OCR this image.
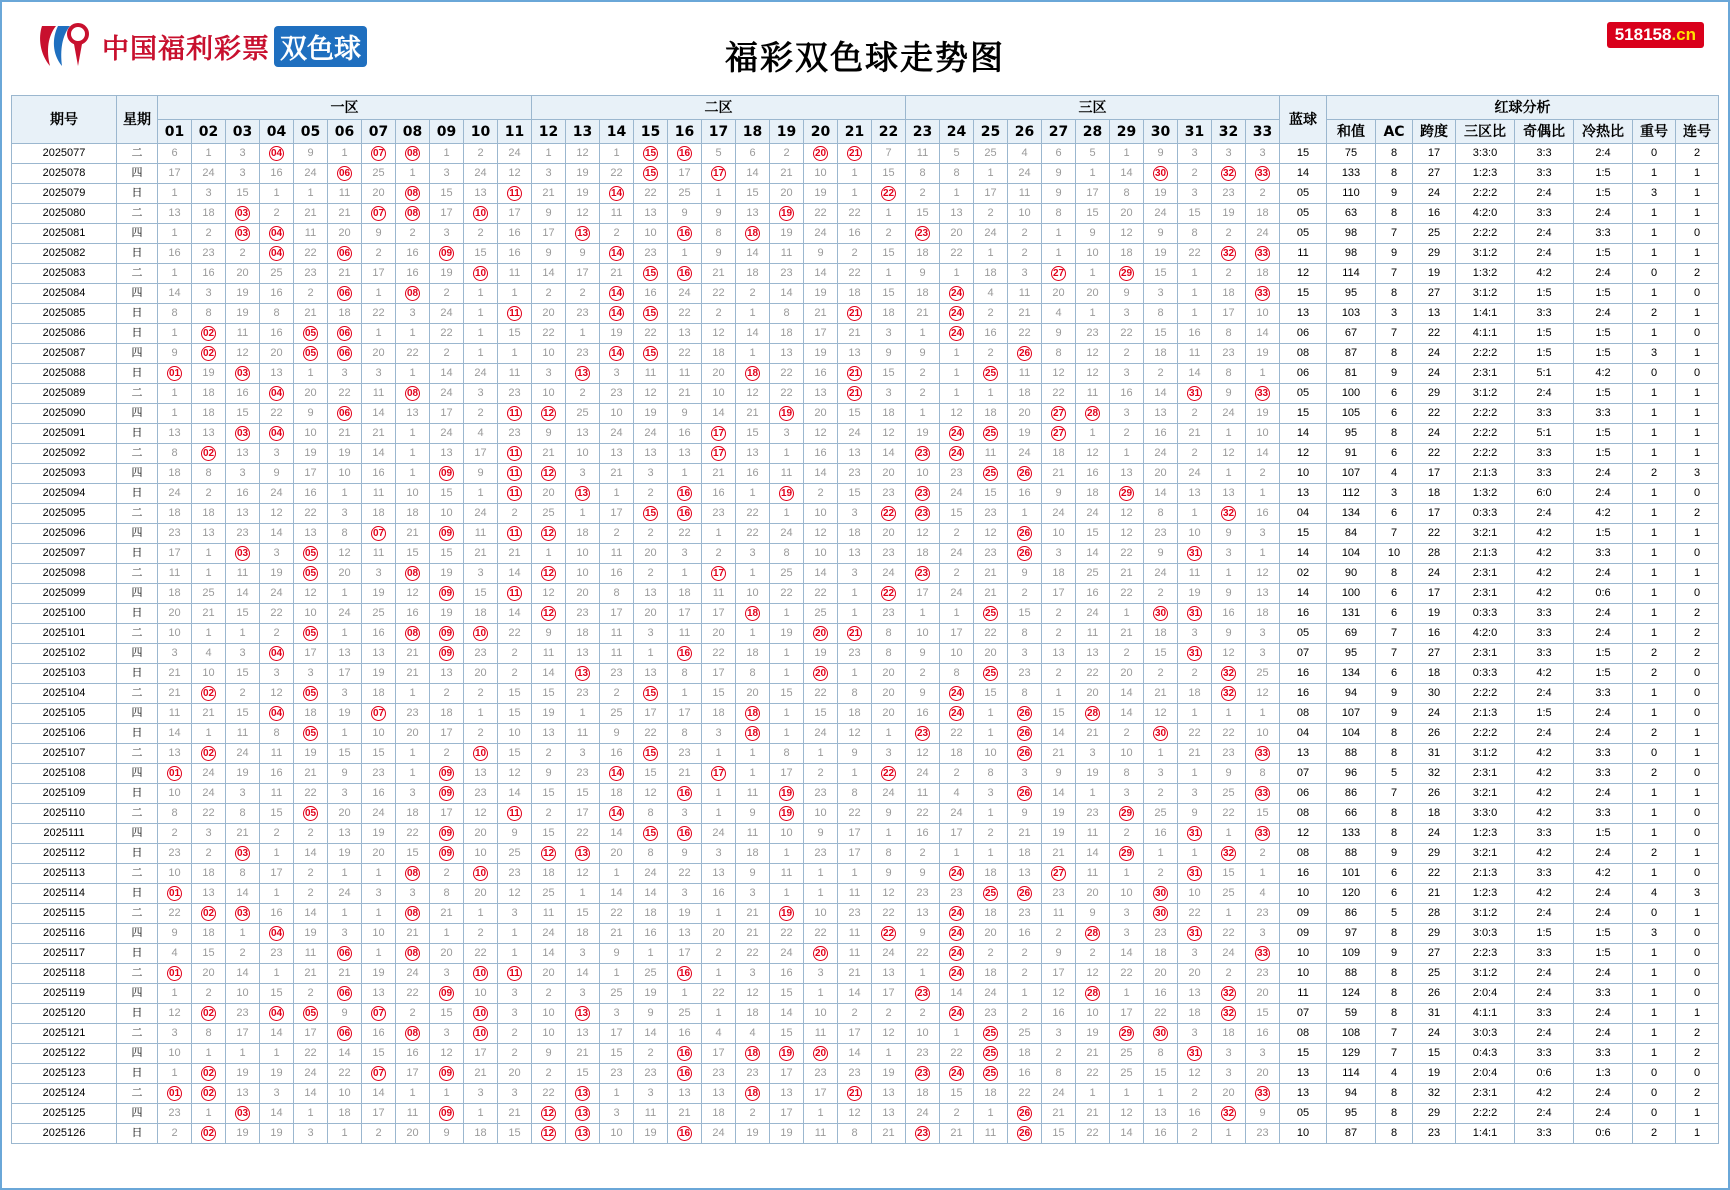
中国福利彩票 双色球	福彩双色球走势图
518158.cn
期号	星期	一区											二区											三区											蓝球	红球分析							
		01	02	03	04	05	06	07	08	09	10	11	12	13	14	15	16	17	18	19	20	21	22	23	24	25	26	27	28	29	30	31	32	33		和值	AC	跨度	三区比	奇偶比	冷热比	重号	连号
2025077	二	6	1	3	04	9	1	07	08	1	2	24	1	12	1	15	16	5	6	2	20	21	7	11	5	25	4	6	5	1	9	3	3	3	15	75	8	17	3:3:0	3:3	2:4	0	2
2025078	四	17	24	3	16	24	06	25	1	3	24	12	3	19	22	15	17	17	14	21	10	1	15	8	8	1	24	9	1	14	30	2	32	33	14	133	8	27	1:2:3	3:3	1:5	1	1
2025079	日	1	3	15	1	1	11	20	08	15	13	11	21	19	14	22	25	1	15	20	19	1	22	2	1	17	11	9	17	8	19	3	23	2	05	110	9	24	2:2:2	2:4	1:5	3	1
2025080	二	13	18	03	2	21	21	07	08	17	10	17	9	12	11	13	9	9	13	19	22	22	1	15	13	2	10	8	15	20	24	15	19	18	05	63	8	16	4:2:0	3:3	2:4	1	1
2025081	四	1	2	03	04	11	20	9	2	3	2	16	17	13	2	10	16	8	18	19	24	16	2	23	20	24	2	1	9	12	9	8	2	24	05	98	7	25	2:2:2	2:4	3:3	1	0
2025082	日	16	23	2	04	22	06	2	16	09	15	16	9	9	14	23	1	9	14	11	9	2	15	18	22	1	2	1	10	18	19	22	32	33	11	98	9	29	3:1:2	2:4	1:5	1	1
2025083	二	1	16	20	25	23	21	17	16	19	10	11	14	17	21	15	16	21	18	23	14	22	1	9	1	18	3	27	1	29	15	1	2	18	12	114	7	19	1:3:2	4:2	2:4	0	2
2025084	四	14	3	19	16	2	06	1	08	2	1	1	2	2	14	16	24	22	2	14	19	18	15	18	24	4	11	20	20	9	3	1	18	33	15	95	8	27	3:1:2	1:5	1:5	1	0
2025085	日	8	8	19	8	21	18	22	3	24	1	11	20	23	14	15	22	2	1	8	21	21	18	21	24	2	21	4	1	3	8	1	17	10	13	103	3	13	1:4:1	3:3	2:4	2	1
2025086	日	1	02	11	16	05	06	1	1	22	1	15	22	1	19	22	13	12	14	18	17	21	3	1	24	16	22	9	23	22	15	16	8	14	06	67	7	22	4:1:1	1:5	1:5	1	0
2025087	四	9	02	12	20	05	06	20	22	2	1	1	10	23	14	15	22	18	1	13	19	13	9	9	1	2	26	8	12	2	18	11	23	19	08	87	8	24	2:2:2	1:5	1:5	3	1
2025088	日	01	19	03	13	1	3	3	1	14	24	11	3	13	3	11	11	20	18	22	16	21	15	2	1	25	11	12	12	3	2	14	8	1	06	81	9	24	2:3:1	5:1	4:2	0	0
2025089	二	1	18	16	04	20	22	11	08	24	3	23	10	2	23	12	21	10	12	22	13	21	3	2	1	1	18	22	11	16	14	31	9	33	05	100	6	29	3:1:2	2:4	1:5	1	1
2025090	四	1	18	15	22	9	06	14	13	17	2	11	12	25	10	19	9	14	21	19	20	15	18	1	12	18	20	27	28	3	13	2	24	19	15	105	6	22	2:2:2	3:3	3:3	1	1
2025091	日	13	13	03	04	10	21	21	1	24	4	23	9	13	24	24	16	17	15	3	12	24	12	19	24	25	19	27	1	2	16	21	1	10	14	95	8	24	2:2:2	5:1	1:5	1	1
2025092	二	8	02	13	3	19	19	14	1	13	17	11	21	10	13	13	13	17	13	1	16	13	14	23	24	11	24	18	12	1	24	2	12	14	12	91	6	22	2:2:2	3:3	1:5	1	1
2025093	四	18	8	3	9	17	10	16	1	09	9	11	12	3	21	3	1	21	16	11	14	23	20	10	23	25	26	21	16	13	20	24	1	2	10	107	4	17	2:1:3	3:3	2:4	2	3
2025094	日	24	2	16	24	16	1	11	10	15	1	11	20	13	1	2	16	16	1	19	2	15	23	23	24	15	16	9	18	29	14	13	13	1	13	112	3	18	1:3:2	6:0	2:4	1	0
2025095	二	18	18	13	12	22	3	18	18	10	24	2	25	1	17	15	16	23	22	1	10	3	22	23	15	23	1	24	24	12	8	1	32	16	04	134	6	17	0:3:3	2:4	4:2	1	2
2025096	四	23	13	23	14	13	8	07	21	09	11	11	12	18	2	2	22	1	22	24	12	18	20	12	2	12	26	10	15	12	23	10	9	3	15	84	7	22	3:2:1	4:2	1:5	1	1
2025097	日	17	1	03	3	05	12	11	15	15	21	21	1	10	11	20	3	2	3	8	10	13	23	18	24	23	26	3	14	22	9	31	3	1	14	104	10	28	2:1:3	4:2	3:3	1	0
2025098	二	11	1	11	19	05	20	3	08	19	3	14	12	10	16	2	1	17	1	25	14	3	24	23	2	21	9	18	25	21	24	11	1	12	02	90	8	24	2:3:1	4:2	2:4	1	1
2025099	四	18	25	14	24	12	1	19	12	09	15	11	12	20	8	13	18	11	10	22	22	1	22	17	24	21	2	17	16	22	2	19	9	13	14	100	6	17	2:3:1	4:2	0:6	1	0
2025100	日	20	21	15	22	10	24	25	16	19	18	14	12	23	17	20	17	17	18	1	25	1	23	1	1	25	15	2	24	1	30	31	16	18	16	131	6	19	0:3:3	3:3	2:4	1	2
2025101	二	10	1	1	2	05	1	16	08	09	10	22	9	18	11	3	11	20	1	19	20	21	8	10	17	22	8	2	11	21	18	3	9	3	05	69	7	16	4:2:0	3:3	2:4	1	2
2025102	四	3	4	3	04	17	13	13	21	09	23	2	11	13	11	1	16	22	18	1	19	23	8	9	10	20	3	13	13	2	15	31	12	3	07	95	7	27	2:3:1	3:3	1:5	2	2
2025103	日	21	10	15	3	3	17	19	21	13	20	2	14	13	23	13	8	17	8	1	20	1	20	2	8	25	23	2	22	20	2	2	32	25	16	134	6	18	0:3:3	4:2	1:5	2	0
2025104	二	21	02	2	12	05	3	18	1	2	2	15	15	23	2	15	1	15	20	15	22	8	20	9	24	15	8	1	20	14	21	18	32	12	16	94	9	30	2:2:2	2:4	3:3	1	0
2025105	四	11	21	15	04	18	19	07	23	18	1	15	19	1	25	17	17	18	18	1	15	18	20	16	24	1	26	15	28	14	12	1	1	1	08	107	9	24	2:1:3	1:5	2:4	1	0
2025106	日	14	1	11	8	05	1	10	20	17	2	10	13	11	9	22	8	3	18	1	24	12	1	23	22	1	26	14	21	2	30	22	22	10	04	104	8	26	2:2:2	2:4	2:4	2	1
2025107	二	13	02	24	11	19	15	15	1	2	10	15	2	3	16	15	23	1	1	8	1	9	3	12	18	10	26	21	3	10	1	21	23	33	13	88	8	31	3:1:2	4:2	3:3	0	1
2025108	四	01	24	19	16	21	9	23	1	09	13	12	9	23	14	15	21	17	1	17	2	1	22	24	2	8	3	9	19	8	3	1	9	8	07	96	5	32	2:3:1	4:2	3:3	2	0
2025109	日	10	24	3	11	22	3	16	3	09	23	14	15	15	18	12	16	1	11	19	23	8	24	11	4	3	26	14	1	3	2	3	25	33	06	86	7	26	3:2:1	4:2	2:4	1	1
2025110	二	8	22	8	15	05	20	24	18	17	12	11	2	17	14	8	3	1	9	19	10	22	9	22	24	1	9	19	23	29	25	9	22	15	08	66	8	18	3:3:0	4:2	3:3	1	0
2025111	四	2	3	21	2	2	13	19	22	09	20	9	15	22	14	15	16	24	11	10	9	17	1	16	17	2	21	19	11	2	16	31	1	33	12	133	8	24	1:2:3	3:3	1:5	1	0
2025112	日	23	2	03	1	14	19	20	15	09	10	25	12	13	20	8	9	3	18	1	23	17	8	2	1	1	18	21	14	29	1	1	32	2	08	88	9	29	3:2:1	4:2	2:4	2	1
2025113	二	10	18	8	17	2	1	1	08	2	10	23	18	12	1	24	22	13	9	11	1	1	9	9	24	18	13	27	11	1	2	31	15	1	16	101	6	22	2:1:3	3:3	4:2	1	0
2025114	日	01	13	14	1	2	24	3	3	8	20	12	25	1	14	14	3	16	3	1	1	11	12	23	23	25	26	23	20	10	30	10	25	4	10	120	6	21	1:2:3	4:2	2:4	4	3
2025115	二	22	02	03	16	14	1	1	08	21	1	3	11	15	22	18	19	1	21	19	10	23	22	13	24	18	23	11	9	3	30	22	1	23	09	86	5	28	3:1:2	2:4	2:4	0	1
2025116	四	9	18	1	04	19	3	10	21	1	2	1	24	18	21	16	13	20	21	22	22	11	22	9	24	20	16	2	28	3	23	31	22	3	09	97	8	29	3:0:3	1:5	1:5	3	0
2025117	日	4	15	2	23	11	06	1	08	20	22	1	14	3	9	1	17	2	22	24	20	11	24	22	24	2	2	9	2	14	18	3	24	33	10	109	9	27	2:2:3	3:3	1:5	1	0
2025118	二	01	20	14	1	21	21	19	24	3	10	11	20	14	1	25	16	1	3	16	3	21	13	1	24	18	2	17	12	22	20	20	2	23	10	88	8	25	3:1:2	2:4	2:4	1	0
2025119	四	1	2	10	15	2	06	13	22	09	10	3	2	3	25	19	1	22	12	15	1	14	17	23	14	24	1	12	28	1	16	13	32	20	11	124	8	26	2:0:4	2:4	3:3	1	0
2025120	日	12	02	23	04	05	9	07	2	15	10	3	10	13	3	9	25	1	18	14	10	2	2	2	24	23	2	16	10	17	22	18	32	15	07	59	8	31	4:1:1	3:3	2:4	1	1
2025121	二	3	8	17	14	17	06	16	08	3	10	2	10	13	17	14	16	4	4	15	11	17	12	10	1	25	25	3	19	29	30	3	18	16	08	108	7	24	3:0:3	2:4	2:4	1	2
2025122	四	10	1	1	1	22	14	15	16	12	17	2	9	21	15	2	16	17	18	19	20	14	1	23	22	25	18	2	21	25	8	31	3	3	15	129	7	15	0:4:3	3:3	3:3	1	2
2025123	日	1	02	19	19	24	22	07	17	09	21	20	2	15	23	23	16	23	23	17	23	23	19	23	24	25	16	8	22	25	15	12	3	20	13	114	4	19	2:0:4	0:6	1:3	0	0
2025124	二	01	02	13	3	14	10	14	1	1	3	3	22	13	1	3	13	13	18	13	17	21	13	18	15	18	22	24	1	1	1	2	20	33	13	94	8	32	2:3:1	4:2	2:4	0	2
2025125	四	23	1	03	14	1	18	17	11	09	1	21	12	13	3	11	21	18	2	17	1	12	13	24	2	1	26	21	21	12	13	16	32	9	05	95	8	29	2:2:2	2:4	2:4	0	1
2025126	日	2	02	19	19	3	1	2	20	9	18	15	12	13	10	19	16	24	19	19	11	8	21	23	21	11	26	15	22	14	16	2	1	23	10	87	8	23	1:4:1	3:3	0:6	2	1
